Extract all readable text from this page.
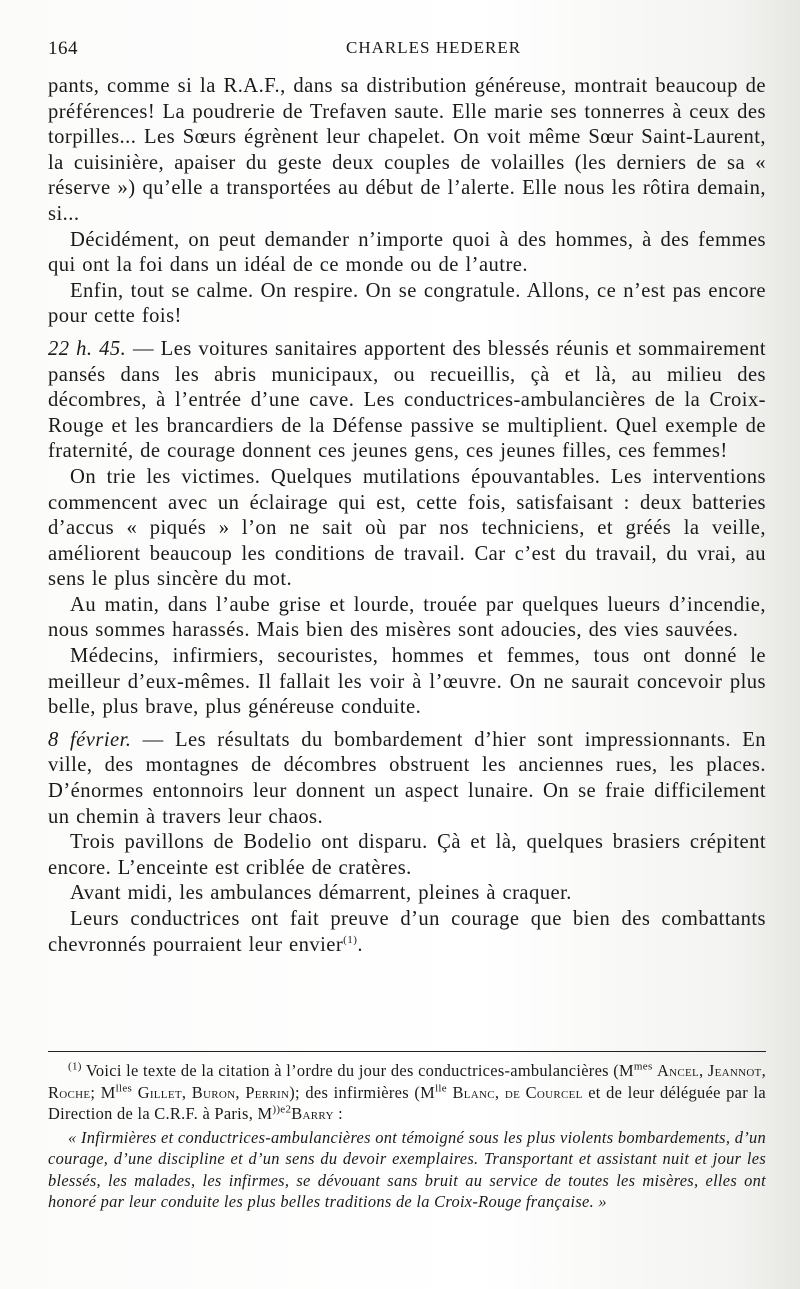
164	CHARLES HEDERER

pants, comme si la R.A.F., dans sa distribution généreuse, montrait beaucoup de préférences! La poudrerie de Trefaven saute. Elle marie ses tonnerres à ceux des torpilles... Les Sœurs égrènent leur chapelet. On voit même Sœur Saint-Laurent, la cuisinière, apaiser du geste deux couples de volailles (les derniers de sa « réserve ») qu’elle a transportées au début de l’alerte. Elle nous les rôtira demain, si...

Décidément, on peut demander n’importe quoi à des hommes, à des femmes qui ont la foi dans un idéal de ce monde ou de l’autre.

Enfin, tout se calme. On respire. On se congratule. Allons, ce n’est pas encore pour cette fois!

22 h. 45. — Les voitures sanitaires apportent des blessés réunis et sommairement pansés dans les abris municipaux, ou recueillis, çà et là, au milieu des décombres, à l’entrée d’une cave. Les conductrices-ambulancières de la Croix-Rouge et les brancardiers de la Défense passive se multiplient. Quel exemple de fraternité, de courage donnent ces jeunes gens, ces jeunes filles, ces femmes!

On trie les victimes. Quelques mutilations épouvantables. Les interventions commencent avec un éclairage qui est, cette fois, satisfaisant : deux batteries d’accus « piqués » l’on ne sait où par nos techniciens, et gréés la veille, améliorent beaucoup les conditions de travail. Car c’est du travail, du vrai, au sens le plus sincère du mot.

Au matin, dans l’aube grise et lourde, trouée par quelques lueurs d’incendie, nous sommes harassés. Mais bien des misères sont adoucies, des vies sauvées.

Médecins, infirmiers, secouristes, hommes et femmes, tous ont donné le meilleur d’eux-mêmes. Il fallait les voir à l’œuvre. On ne saurait concevoir plus belle, plus brave, plus généreuse conduite.

8 février. — Les résultats du bombardement d’hier sont impressionnants. En ville, des montagnes de décombres obstruent les anciennes rues, les places. D’énormes entonnoirs leur donnent un aspect lunaire. On se fraie difficilement un chemin à travers leur chaos.

Trois pavillons de Bodelio ont disparu. Çà et là, quelques brasiers crépitent encore. L’enceinte est criblée de cratères.

Avant midi, les ambulances démarrent, pleines à craquer.

Leurs conductrices ont fait preuve d’un courage que bien des combattants chevronnés pourraient leur envier$^{(1)}$.

$^{(1)}$ Voici le texte de la citation à l’ordre du jour des conductrices-ambulancières ($M^{mes}$ Ancel, Jeannot, Roche; $M^{lles}$ Gillet, Buron, Perrin); des infirmières ($M^{lle}$ Blanc, de Courcel et de leur déléguée par la Direction de la C.R.F. à Paris, $M^{))e2}Barry$ :

« Infirmières et conductrices-ambulancières ont témoigné sous les plus violents bombardements, d’un courage, d’une discipline et d’un sens du devoir exemplaires. Transportant et assistant nuit et jour les blessés, les malades, les infirmes, se dévouant sans bruit au service de toutes les misères, elles ont honoré par leur conduite les plus belles traditions de la Croix-Rouge française. »
